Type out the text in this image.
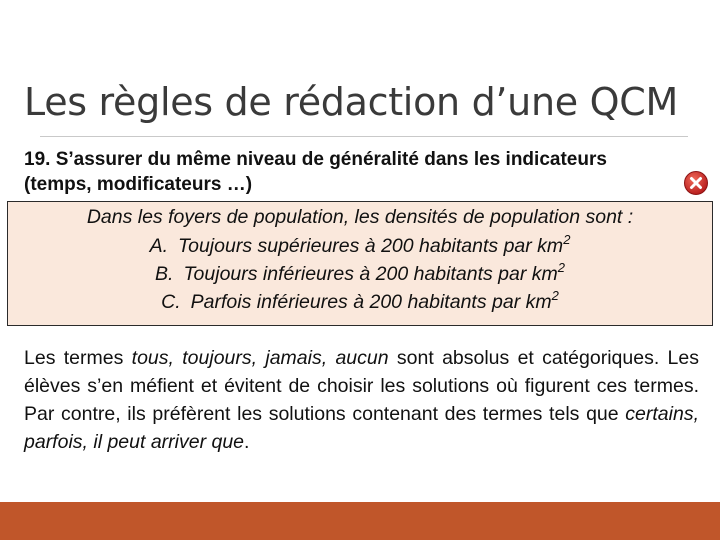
Les règles de rédaction d’une QCM

19. S’assurer du même niveau de généralité dans les indicateurs (temps, modificateurs …)

Dans les foyers de population, les densités de population sont :
A. Toujours supérieures à 200 habitants par $km^2$
B. Toujours inférieures à 200 habitants par $km^2$
C. Parfois inférieures à 200 habitants par $km^2$

Les termes tous, toujours, jamais, aucun sont absolus et catégoriques. Les élèves s’en méfient et évitent de choisir les solutions où figurent ces termes. Par contre, ils préfèrent les solutions contenant des termes tels que certains, parfois, il peut arriver que.
